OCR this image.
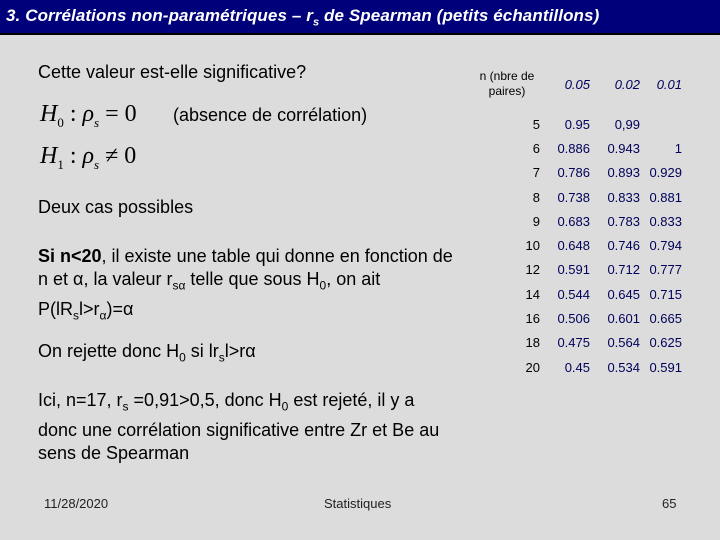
3. Corrélations non-paramétriques – $r_s$ de Spearman (petits échantillons)
Cette valeur est-elle significative?
$H_0$ : $\rho_s = 0$ (absence de corrélation)
$H_1$ : $\rho_s \ne 0$
Deux cas possibles
Si n<20, il existe une table qui donne en fonction de n et α, la valeur $r_{s\alpha}$ telle que sous $H_0$, on ait $P(lR_sl>r_\alpha)=\alpha$
On rejette donc $H_0$ si $lr_sl>r\alpha$
Ici, n=17, $r_s =0,91>0,5$, donc $H_0$ est rejeté, il y a donc une corrélation significative entre Zr et Be au sens de Spearman
n (nbre de paires)	0.05	0.02	0.01
5	0.95	0,99	
6	0.886	0.943	1
7	0.786	0.893	0.929
8	0.738	0.833	0.881
9	0.683	0.783	0.833
10	0.648	0.746	0.794
12	0.591	0.712	0.777
14	0.544	0.645	0.715
16	0.506	0.601	0.665
18	0.475	0.564	0.625
20	0.45	0.534	0.591
11/28/2020	Statistiques	65
